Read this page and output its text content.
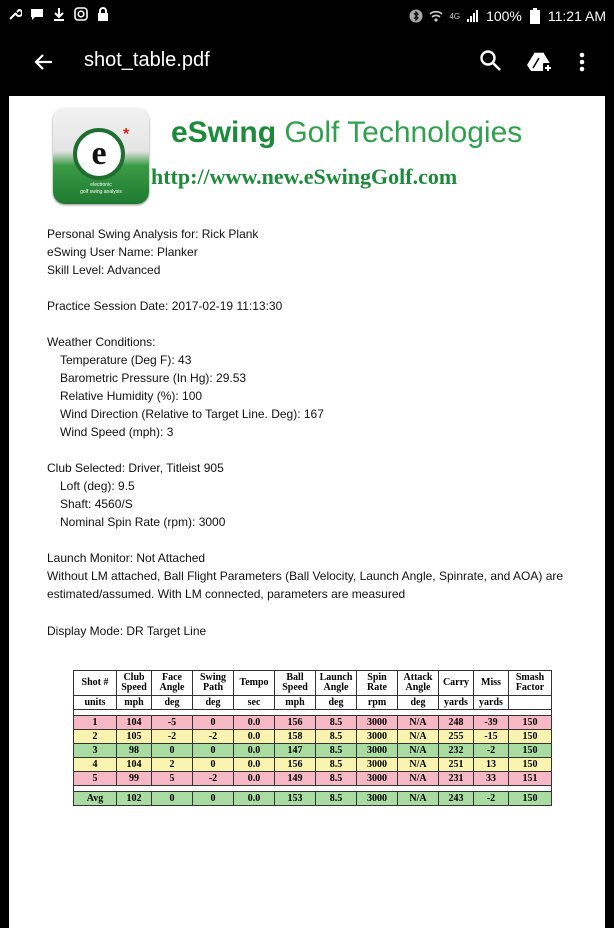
4G 100% 11:21 AM
shot_table.pdf
e
*
electronic
golf swing analysis
eSwing Golf Technologies
http://www.new.eSwingGolf.com
Personal Swing Analysis for: Rick Plank
eSwing User Name: Planker
Skill Level: Advanced
Practice Session Date: 2017-02-19 11:13:30
Weather Conditions:
Temperature (Deg F): 43
Barometric Pressure (In Hg): 29.53
Relative Humidity (%): 100
Wind Direction (Relative to Target Line. Deg): 167
Wind Speed (mph): 3
Club Selected: Driver, Titleist 905
Loft (deg): 9.5
Shaft: 4560/S
Nominal Spin Rate (rpm): 3000
Launch Monitor: Not Attached
Without LM attached, Ball Flight Parameters (Ball Velocity, Launch Angle, Spinrate, and AOA) are
estimated/assumed. With LM connected, parameters are measured
Display Mode: DR Target Line
Shot #	Club Speed	Face Angle	Swing Path	Tempo	Ball Speed	Launch Angle	Spin Rate	Attack Angle	Carry	Miss	Smash Factor
units	mph	deg	deg	sec	mph	deg	rpm	deg	yards	yards	

1	104	-5	0	0.0	156	8.5	3000	N/A	248	-39	150
2	105	-2	-2	0.0	158	8.5	3000	N/A	255	-15	150
3	98	0	0	0.0	147	8.5	3000	N/A	232	-2	150
4	104	2	0	0.0	156	8.5	3000	N/A	251	13	150
5	99	5	-2	0.0	149	8.5	3000	N/A	231	33	151

Avg	102	0	0	0.0	153	8.5	3000	N/A	243	-2	150
